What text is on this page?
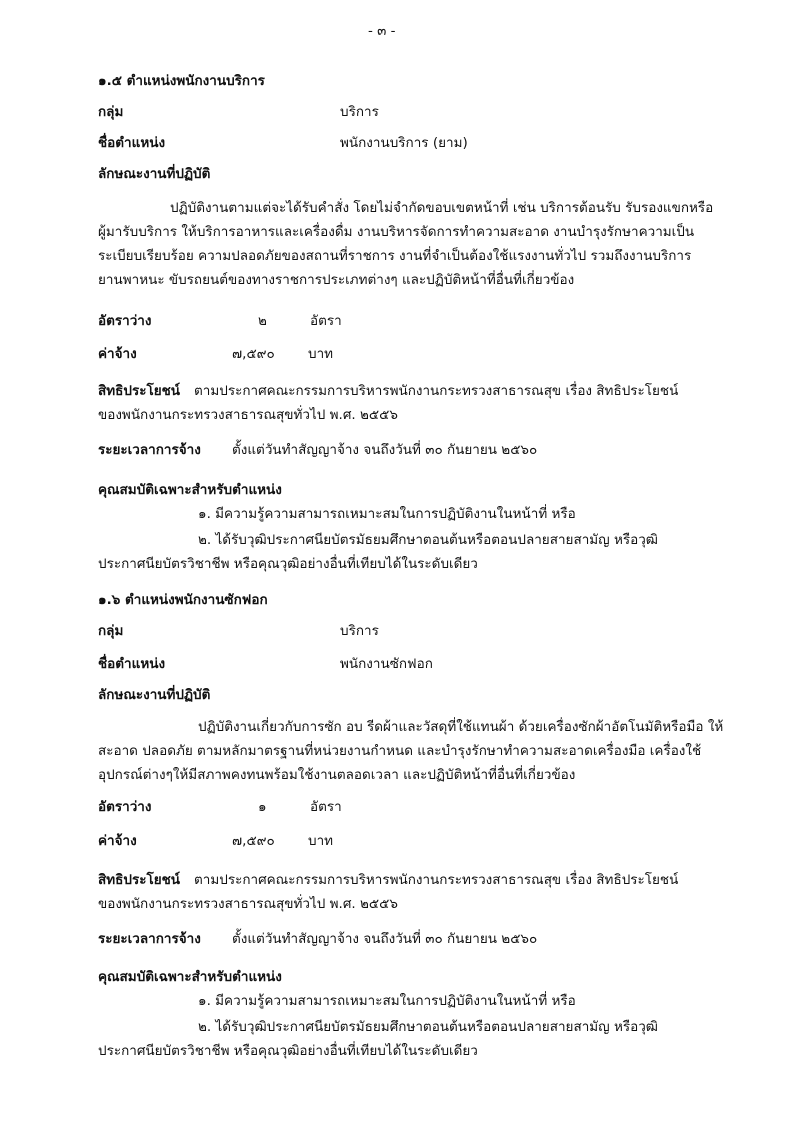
- ๓ -
๑.๕ ตำแหน่งพนักงานบริการ
กลุ่ม	บริการ
ชื่อตำแหน่ง	พนักงานบริการ (ยาม)
ลักษณะงานที่ปฏิบัติ
ปฏิบัติงานตามแต่จะได้รับคำสั่ง โดยไม่จำกัดขอบเขตหน้าที่ เช่น บริการต้อนรับ รับรองแขกหรือ
ผู้มารับบริการ ให้บริการอาหารและเครื่องดื่ม งานบริหารจัดการทำความสะอาด งานบำรุงรักษาความเป็น
ระเบียบเรียบร้อย ความปลอดภัยของสถานที่ราชการ งานที่จำเป็นต้องใช้แรงงานทั่วไป รวมถึงงานบริการ
ยานพาหนะ ขับรถยนต์ของทางราชการประเภทต่างๆ และปฏิบัติหน้าที่อื่นที่เกี่ยวข้อง
อัตราว่าง	๒	อัตรา
ค่าจ้าง	๗,๕๙๐ บาท
สิทธิประโยชน์ ตามประกาศคณะกรรมการบริหารพนักงานกระทรวงสาธารณสุข เรื่อง สิทธิประโยชน์
ของพนักงานกระทรวงสาธารณสุขทั่วไป พ.ศ. ๒๕๕๖
ระยะเวลาการจ้าง ตั้งแต่วันทำสัญญาจ้าง จนถึงวันที่ ๓๐ กันยายน ๒๕๖๐
คุณสมบัติเฉพาะสำหรับตำแหน่ง
๑. มีความรู้ความสามารถเหมาะสมในการปฏิบัติงานในหน้าที่ หรือ
๒. ได้รับวุฒิประกาศนียบัตรมัธยมศึกษาตอนต้นหรือตอนปลายสายสามัญ หรือวุฒิ
ประกาศนียบัตรวิชาชีพ หรือคุณวุฒิอย่างอื่นที่เทียบได้ในระดับเดียว
๑.๖ ตำแหน่งพนักงานซักฟอก
กลุ่ม	บริการ
ชื่อตำแหน่ง	พนักงานซักฟอก
ลักษณะงานที่ปฏิบัติ
ปฏิบัติงานเกี่ยวกับการซัก อบ รีดผ้าและวัสดุที่ใช้แทนผ้า ด้วยเครื่องซักผ้าอัตโนมัติหรือมือ ให้
สะอาด ปลอดภัย ตามหลักมาตรฐานที่หน่วยงานกำหนด และบำรุงรักษาทำความสะอาดเครื่องมือ เครื่องใช้
อุปกรณ์ต่างๆให้มีสภาพคงทนพร้อมใช้งานตลอดเวลา และปฏิบัติหน้าที่อื่นที่เกี่ยวข้อง
อัตราว่าง	๑	อัตรา
ค่าจ้าง	๗,๕๙๐ บาท
สิทธิประโยชน์ ตามประกาศคณะกรรมการบริหารพนักงานกระทรวงสาธารณสุข เรื่อง สิทธิประโยชน์
ของพนักงานกระทรวงสาธารณสุขทั่วไป พ.ศ. ๒๕๕๖
ระยะเวลาการจ้าง ตั้งแต่วันทำสัญญาจ้าง จนถึงวันที่ ๓๐ กันยายน ๒๕๖๐
คุณสมบัติเฉพาะสำหรับตำแหน่ง
๑. มีความรู้ความสามารถเหมาะสมในการปฏิบัติงานในหน้าที่ หรือ
๒. ได้รับวุฒิประกาศนียบัตรมัธยมศึกษาตอนต้นหรือตอนปลายสายสามัญ หรือวุฒิ
ประกาศนียบัตรวิชาชีพ หรือคุณวุฒิอย่างอื่นที่เทียบได้ในระดับเดียว
